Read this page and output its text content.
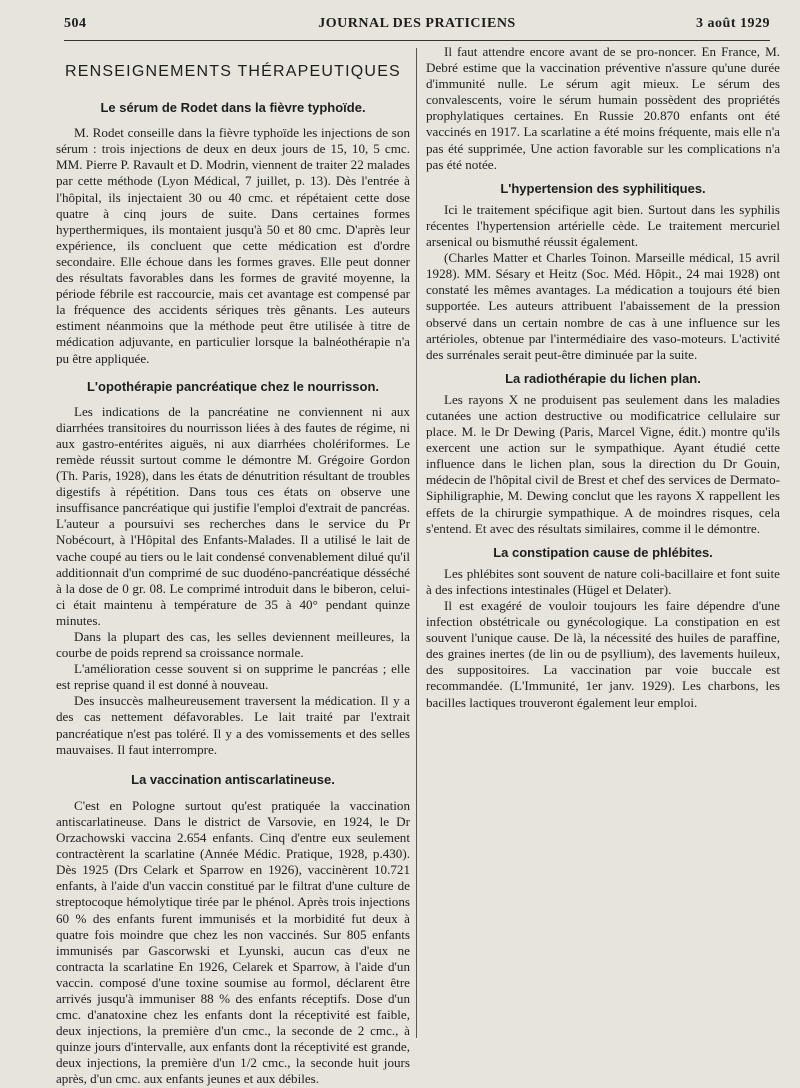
504	JOURNAL DES PRATICIENS	3 août 1929
RENSEIGNEMENTS THÉRAPEUTIQUES
Le sérum de Rodet dans la fièvre typhoïde.

M. Rodet conseille dans la fièvre typhoïde les injections de son sérum : trois injections de deux en deux jours de 15, 10, 5 cmc. MM. Pierre P. Ravault et D. Modrin, viennent de traiter 22 malades par cette méthode (Lyon Médical, 7 juillet, p. 13). Dès l'entrée à l'hôpital, ils injectaient 30 ou 40 cmc. et répétaient cette dose quatre à cinq jours de suite. Dans certaines formes hyperthermiques, ils montaient jusqu'à 50 et 80 cmc. D'après leur expérience, ils concluent que cette médication est d'ordre secondaire. Elle échoue dans les formes graves. Elle peut donner des résultats favorables dans les formes de gravité moyenne, la période fébrile est raccourcie, mais cet avantage est compensé par la fréquence des accidents sériques très gênants. Les auteurs estiment néanmoins que la méthode peut être utilisée à titre de médication adjuvante, en particulier lorsque la balnéothérapie n'a pu être appliquée.

L'opothérapie pancréatique chez le nourrisson.

Les indications de la pancréatine ne conviennent ni aux diarrhées transitoires du nourrisson liées à des fautes de régime, ni aux gastro-entérites aiguës, ni aux diarrhées cholériformes. Le remède réussit surtout comme le démontre M. Grégoire Gordon (Th. Paris, 1928), dans les états de dénutrition résultant de troubles digestifs à répétition. Dans tous ces états on observe une insuffisance pancréatique qui justifie l'emploi d'extrait de pancréas. L'auteur a poursuivi ses recherches dans le service du Pr Nobécourt, à l'Hôpital des Enfants-Malades. Il a utilisé le lait de vache coupé au tiers ou le lait condensé convenablement dilué qu'il additionnait d'un comprimé de suc duodéno-pancréatique désséché à la dose de 0 gr. 08. Le comprimé introduit dans le biberon, celui-ci était maintenu à température de 35 à 40° pendant quinze minutes.

Dans la plupart des cas, les selles deviennent meilleures, la courbe de poids reprend sa croissance normale.

L'amélioration cesse souvent si on supprime le pancréas ; elle est reprise quand il est donné à nouveau.

Des insuccès malheureusement traversent la médication. Il y a des cas nettement défavorables. Le lait traité par l'extrait pancréatique n'est pas toléré. Il y a des vomissements et des selles mauvaises. Il faut interrompre.

La vaccination antiscarlatineuse.

C'est en Pologne surtout qu'est pratiquée la vaccination antiscarlatineuse. Dans le district de Varsovie, en 1924, le Dr Orzachowski vaccina 2.654 enfants. Cinq d'entre eux seulement contractèrent la scarlatine (Année Médic. Pratique, 1928, p.430). Dès 1925 (Drs Celark et Sparrow en 1926), vaccinèrent 10.721 enfants, à l'aide d'un vaccin constitué par le filtrat d'une culture de streptocoque hémolytique tirée par le phénol. Après trois injections 60 % des enfants furent immunisés et la morbidité fut deux à quatre fois moindre que chez les non vaccinés. Sur 805 enfants immunisés par Gascorwski et Lyunski, aucun cas d'eux ne contracta la scarlatine En 1926, Celarek et Sparrow, à l'aide d'un vaccin. composé d'une toxine soumise au formol, déclarent être arrivés jusqu'à immuniser 88 % des enfants réceptifs. Dose d'un cmc. d'anatoxine chez les enfants dont la réceptivité est faible, deux injections, la première d'un cmc., la seconde de 2 cmc., à quinze jours d'intervalle, aux enfants dont la réceptivité est grande, deux injections, la première d'un 1/2 cmc., la seconde huit jours après, d'un cmc. aux enfants jeunes et aux débiles.

Il faut attendre encore avant de se pro-noncer. En France, M. Debré estime que la vaccination préventive n'assure qu'une durée d'immunité nulle. Le sérum agit mieux. Le sérum des convalescents, voire le sérum humain possèdent des propriétés prophylatiques certaines. En Russie 20.870 enfants ont été vaccinés en 1917. La scarlatine a été moins fréquente, mais elle n'a pas été supprimée, Une action favorable sur les complications n'a pas été notée.

L'hypertension des syphilitiques.

Ici le traitement spécifique agit bien. Surtout dans les syphilis récentes l'hypertension artérielle cède. Le traitement mercuriel arsenical ou bismuthé réussit également.

(Charles Matter et Charles Toinon. Marseille médical, 15 avril 1928). MM. Sésary et Heitz (Soc. Méd. Hôpit., 24 mai 1928) ont constaté les mêmes avantages. La médication a toujours été bien supportée. Les auteurs attribuent l'abaissement de la pression observé dans un certain nombre de cas à une influence sur les artérioles, obtenue par l'intermédiaire des vaso-moteurs. L'activité des surrénales serait peut-être diminuée par la suite.

La radiothérapie du lichen plan.

Les rayons X ne produisent pas seulement dans les maladies cutanées une action destructive ou modificatrice cellulaire sur place. M. le Dr Dewing (Paris, Marcel Vigne, édit.) montre qu'ils exercent une action sur le sympathique. Ayant étudié cette influence dans le lichen plan, sous la direction du Dr Gouin, médecin de l'hôpital civil de Brest et chef des services de Dermato-Siphiligraphie, M. Dewing conclut que les rayons X rappellent les effets de la chirurgie sympathique. A de moindres risques, cela s'entend. Et avec des résultats similaires, comme il le démontre.

La constipation cause de phlébites.

Les phlébites sont souvent de nature coli-bacillaire et font suite à des infections intestinales (Hügel et Delater).

Il est exagéré de vouloir toujours les faire dépendre d'une infection obstétricale ou gynécologique. La constipation en est souvent l'unique cause. De là, la nécessité des huiles de paraffine, des graines inertes (de lin ou de psyllium), des lavements huileux, des suppositoires. La vaccination par voie buccale est recommandée. (L'Immunité, 1er janv. 1929). Les charbons, les bacilles lactiques trouveront également leur emploi.
